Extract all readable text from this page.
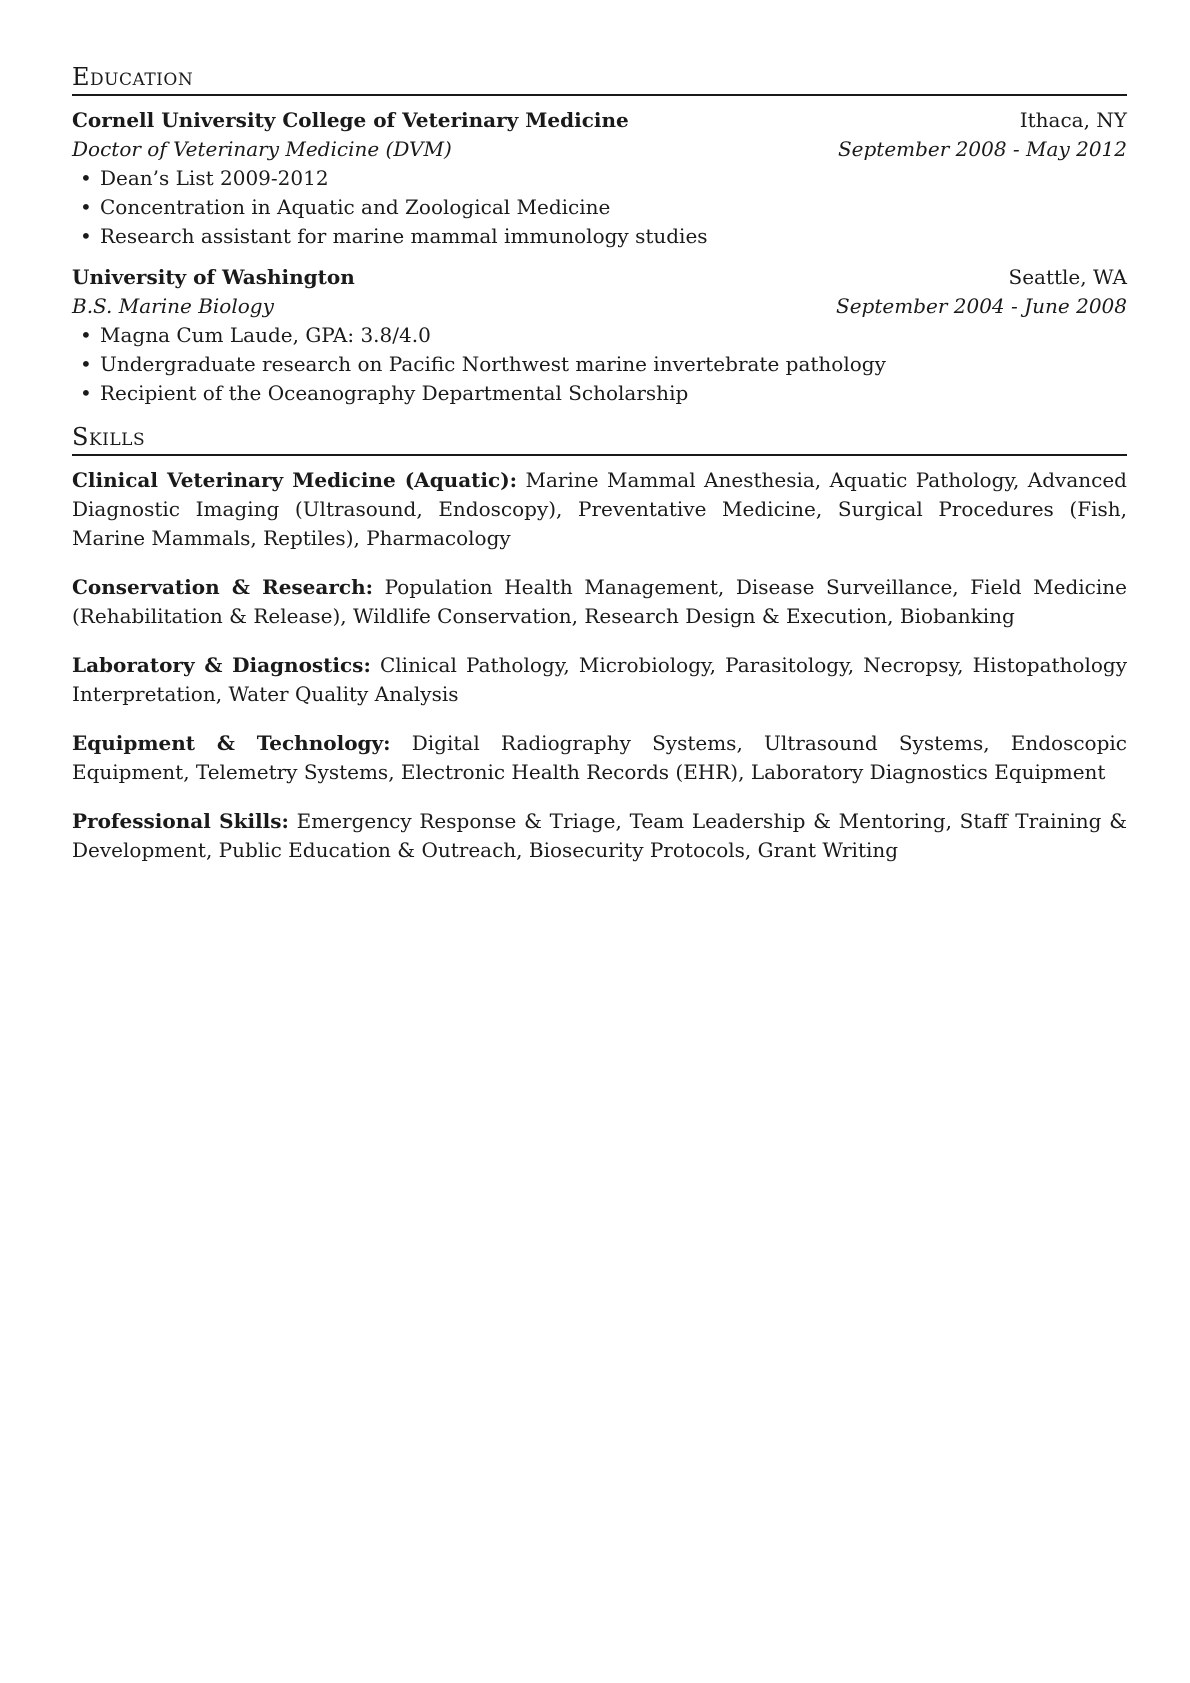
Education
Cornell University College of Veterinary Medicine	Ithaca, NY
Doctor of Veterinary Medicine (DVM)	September 2008 - May 2012
• Dean’s List 2009-2012
• Concentration in Aquatic and Zoological Medicine
• Research assistant for marine mammal immunology studies
University of Washington	Seattle, WA
B.S. Marine Biology	September 2004 - June 2008
• Magna Cum Laude, GPA: 3.8/4.0
• Undergraduate research on Pacific Northwest marine invertebrate pathology
• Recipient of the Oceanography Departmental Scholarship
Skills

Clinical Veterinary Medicine (Aquatic): Marine Mammal Anesthesia, Aquatic Pathology, Advanced Diagnostic Imaging (Ultrasound, Endoscopy), Preventative Medicine, Surgical Procedures (Fish, Marine Mammals, Reptiles), Pharmacology

Conservation & Research: Population Health Management, Disease Surveillance, Field Medicine (Rehabilitation & Release), Wildlife Conservation, Research Design & Execution, Biobanking

Laboratory & Diagnostics: Clinical Pathology, Microbiology, Parasitology, Necropsy, Histopathology Interpretation, Water Quality Analysis

Equipment & Technology: Digital Radiography Systems, Ultrasound Systems, Endoscopic Equipment, Telemetry Systems, Electronic Health Records (EHR), Laboratory Diagnostics Equipment

Professional Skills: Emergency Response & Triage, Team Leadership & Mentoring, Staff Training & Development, Public Education & Outreach, Biosecurity Protocols, Grant Writing
